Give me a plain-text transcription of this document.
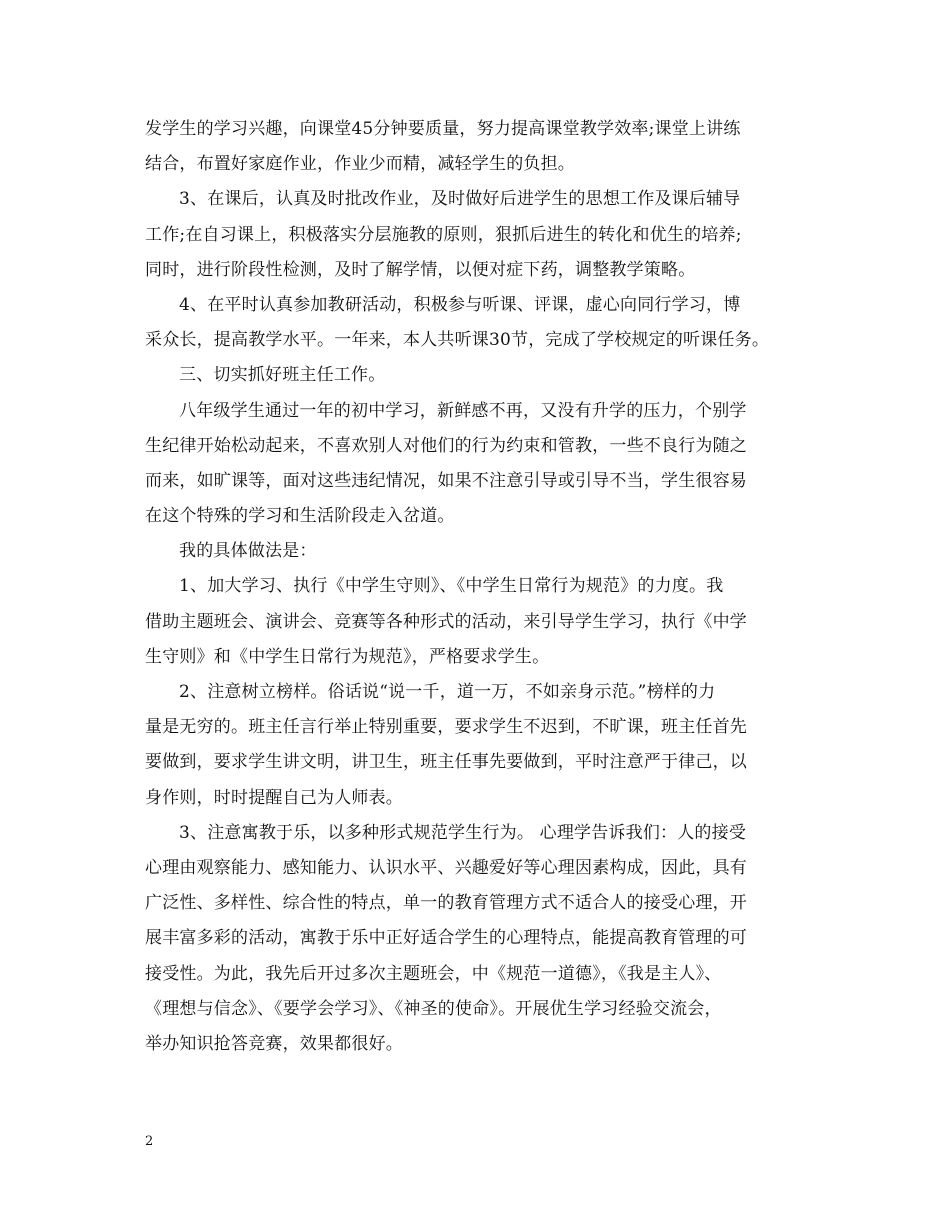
发学生的学习兴趣，向课堂45分钟要质量，努力提高课堂教学效率;课堂上讲练
结合，布置好家庭作业，作业少而精，减轻学生的负担。
3、在课后，认真及时批改作业，及时做好后进学生的思想工作及课后辅导
工作;在自习课上，积极落实分层施教的原则，狠抓后进生的转化和优生的培养;
同时，进行阶段性检测，及时了解学情，以便对症下药，调整教学策略。
4、在平时认真参加教研活动，积极参与听课、评课，虚心向同行学习，博
采众长，提高教学水平。一年来，本人共听课30节，完成了学校规定的听课任务。
三、切实抓好班主任工作。
八年级学生通过一年的初中学习，新鲜感不再，又没有升学的压力，个别学
生纪律开始松动起来，不喜欢别人对他们的行为约束和管教，一些不良行为随之
而来，如旷课等，面对这些违纪情况，如果不注意引导或引导不当，学生很容易
在这个特殊的学习和生活阶段走入岔道。
我的具体做法是：
1、加大学习、执行《中学生守则》、《中学生日常行为规范》的力度。我
借助主题班会、演讲会、竞赛等各种形式的活动，来引导学生学习，执行《中学
生守则》和《中学生日常行为规范》，严格要求学生。
2、注意树立榜样。俗话说“说一千，道一万，不如亲身示范。”榜样的力
量是无穷的。班主任言行举止特别重要，要求学生不迟到，不旷课，班主任首先
要做到，要求学生讲文明，讲卫生，班主任事先要做到，平时注意严于律己，以
身作则，时时提醒自己为人师表。
3、注意寓教于乐，以多种形式规范学生行为。 心理学告诉我们：人的接受
心理由观察能力、感知能力、认识水平、兴趣爱好等心理因素构成，因此，具有
广泛性、多样性、综合性的特点，单一的教育管理方式不适合人的接受心理，开
展丰富多彩的活动，寓教于乐中正好适合学生的心理特点，能提高教育管理的可
接受性。为此，我先后开过多次主题班会，中《规范一道德》，《我是主人》、
《理想与信念》、《要学会学习》、《神圣的使命》。开展优生学习经验交流会，
举办知识抢答竞赛，效果都很好。
2
